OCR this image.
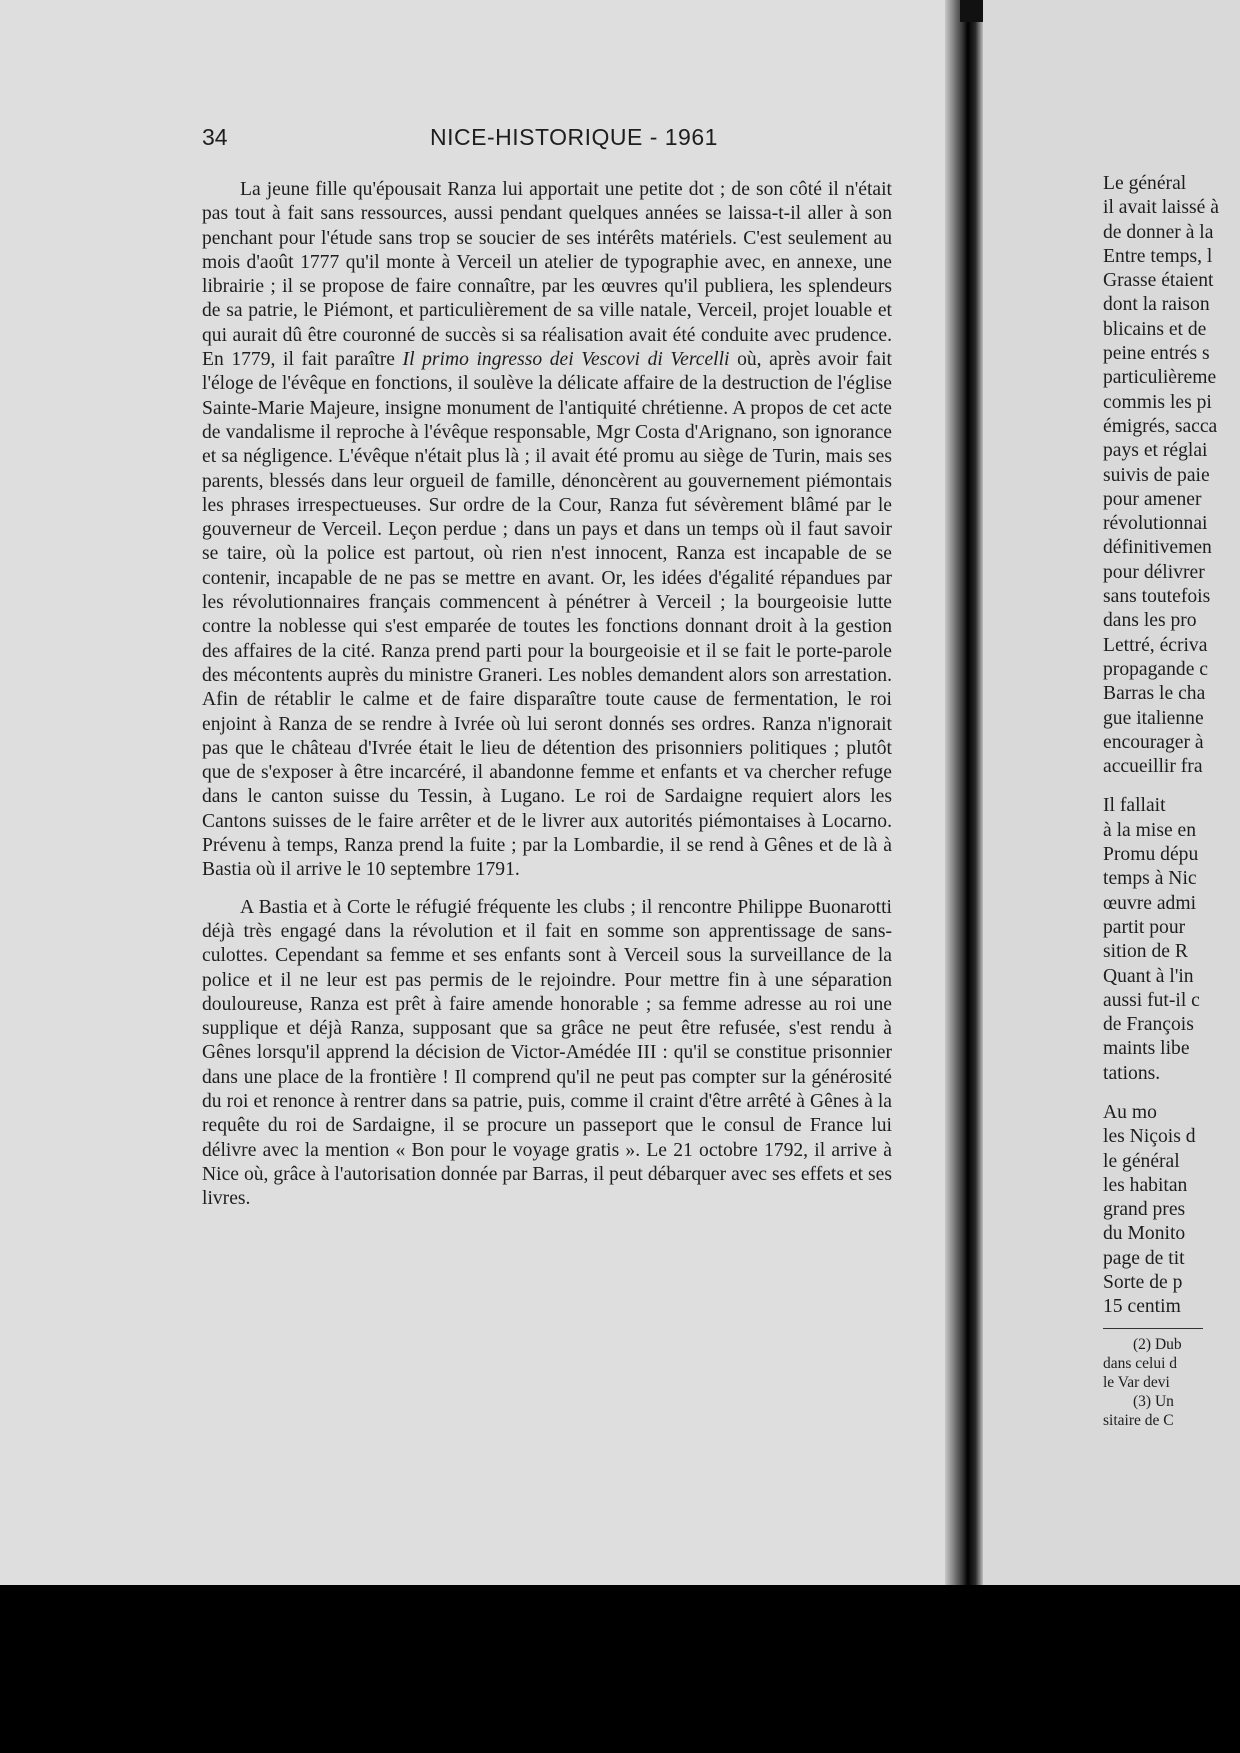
34	NICE-HISTORIQUE - 1961

La jeune fille qu'épousait Ranza lui apportait une petite dot ; de son côté il n'était pas tout à fait sans ressources, aussi pendant quelques années se laissa-t-il aller à son penchant pour l'étude sans trop se soucier de ses intérêts matériels. C'est seulement au mois d'août 1777 qu'il monte à Verceil un atelier de typographie avec, en annexe, une librairie ; il se propose de faire connaître, par les œuvres qu'il publiera, les splendeurs de sa patrie, le Piémont, et particulièrement de sa ville natale, Verceil, projet louable et qui aurait dû être couronné de succès si sa réalisation avait été conduite avec prudence. En 1779, il fait paraître Il primo ingresso dei Vescovi di Vercelli où, après avoir fait l'éloge de l'évêque en fonctions, il soulève la délicate affaire de la destruction de l'église Sainte-Marie Majeure, insigne monument de l'antiquité chrétienne. A propos de cet acte de vandalisme il reproche à l'évêque responsable, Mgr Costa d'Arignano, son ignorance et sa négligence. L'évêque n'était plus là ; il avait été promu au siège de Turin, mais ses parents, blessés dans leur orgueil de famille, dénoncèrent au gouvernement piémontais les phrases irrespectueuses. Sur ordre de la Cour, Ranza fut sévèrement blâmé par le gouverneur de Verceil. Leçon perdue ; dans un pays et dans un temps où il faut savoir se taire, où la police est partout, où rien n'est innocent, Ranza est incapable de se contenir, incapable de ne pas se mettre en avant. Or, les idées d'égalité répandues par les révolutionnaires français commencent à pénétrer à Verceil ; la bourgeoisie lutte contre la noblesse qui s'est emparée de toutes les fonctions donnant droit à la gestion des affaires de la cité. Ranza prend parti pour la bourgeoisie et il se fait le porte-parole des mécontents auprès du ministre Graneri. Les nobles demandent alors son arrestation. Afin de rétablir le calme et de faire disparaître toute cause de fermentation, le roi enjoint à Ranza de se rendre à Ivrée où lui seront donnés ses ordres. Ranza n'ignorait pas que le château d'Ivrée était le lieu de détention des prisonniers politiques ; plutôt que de s'exposer à être incarcéré, il abandonne femme et enfants et va chercher refuge dans le canton suisse du Tessin, à Lugano. Le roi de Sardaigne requiert alors les Cantons suisses de le faire arrêter et de le livrer aux autorités piémontaises à Locarno. Prévenu à temps, Ranza prend la fuite ; par la Lombardie, il se rend à Gênes et de là à Bastia où il arrive le 10 septembre 1791.

A Bastia et à Corte le réfugié fréquente les clubs ; il rencontre Philippe Buonarotti déjà très engagé dans la révolution et il fait en somme son apprentissage de sans-culottes. Cependant sa femme et ses enfants sont à Verceil sous la surveillance de la police et il ne leur est pas permis de le rejoindre. Pour mettre fin à une séparation douloureuse, Ranza est prêt à faire amende honorable ; sa femme adresse au roi une supplique et déjà Ranza, supposant que sa grâce ne peut être refusée, s'est rendu à Gênes lorsqu'il apprend la décision de Victor-Amédée III : qu'il se constitue prisonnier dans une place de la frontière ! Il comprend qu'il ne peut pas compter sur la générosité du roi et renonce à rentrer dans sa patrie, puis, comme il craint d'être arrêté à Gênes à la requête du roi de Sardaigne, il se procure un passeport que le consul de France lui délivre avec la mention « Bon pour le voyage gratis ». Le 21 octobre 1792, il arrive à Nice où, grâce à l'autorisation donnée par Barras, il peut débarquer avec ses effets et ses livres.

Le général
il avait laissé à
de donner à la
Entre temps, l
Grasse étaient
dont la raison
blicains et de
peine entrés s
particulièreme
commis les pi
émigrés, sacca
pays et réglai
suivis de paie
pour amener
révolutionnai
définitivemen
pour délivrer
sans toutefois
dans les pro
Lettré, écriva
propagande c
Barras le cha
gue italienne
encourager à
accueillir fra
Il fallait
à la mise en
Promu dépu
temps à Nic
œuvre admi
partit pour
sition de R
Quant à l'in
aussi fut-il c
de François
maints libe
tations.
Au mo
les Niçois d
le général
les habitan
grand pres
du Monito
page de tit
Sorte de p
15 centim
(2) Dub
dans celui d
le Var devi
(3) Un
sitaire de C
